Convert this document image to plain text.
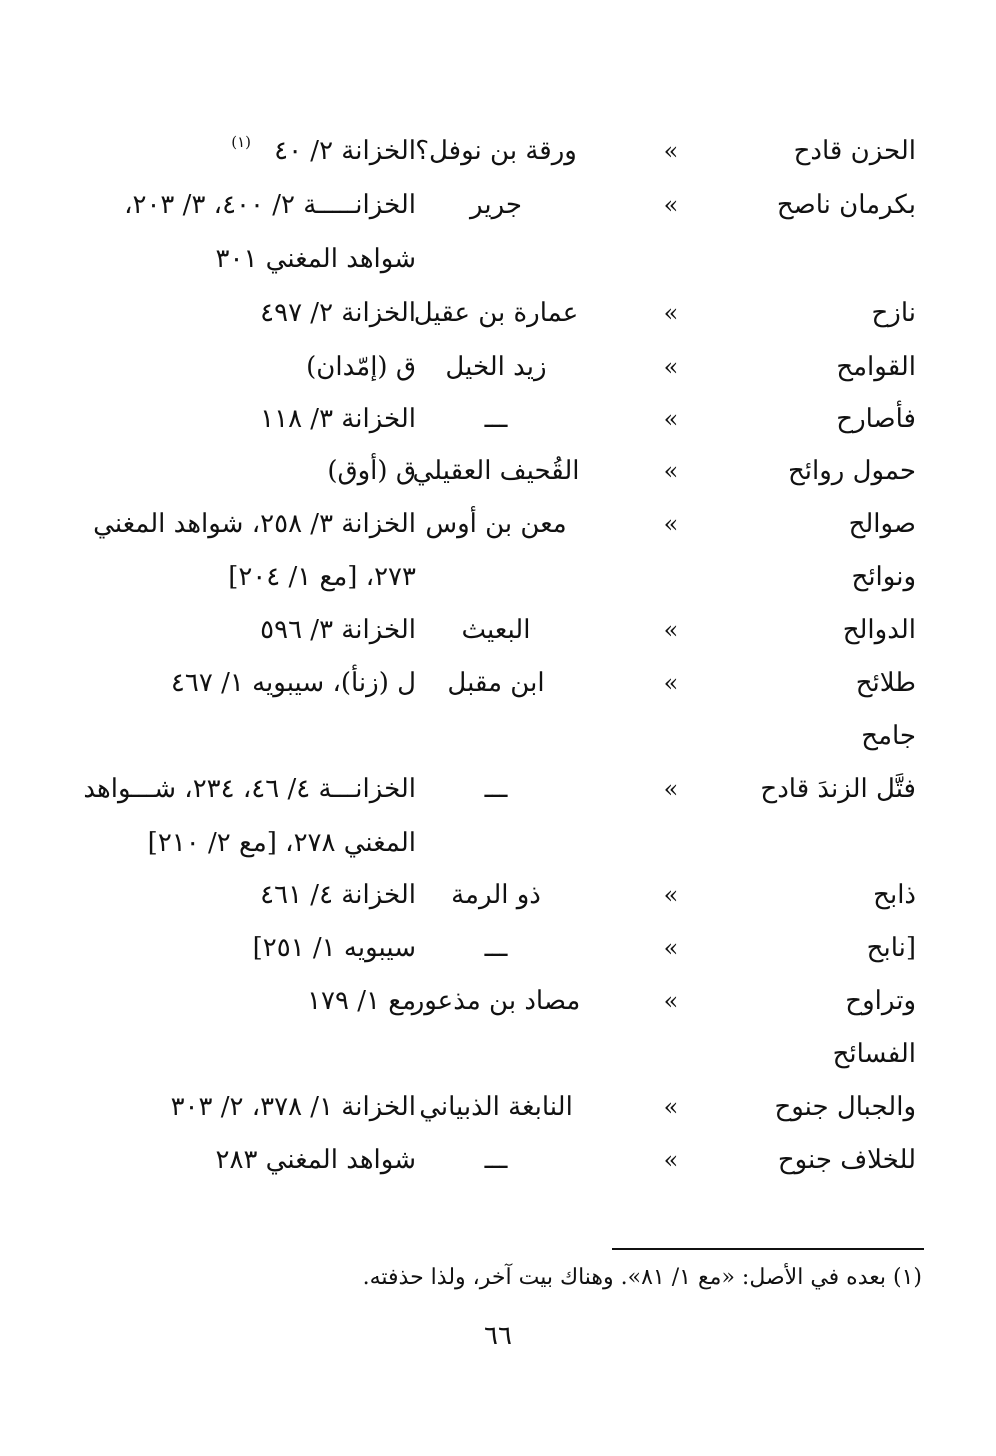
الحزن قادح
»
ورقة بن نوفل؟
الخزانة ٢/ ٤٠
(١)
بكرمان ناصح
»
جرير
الخزانـــــة ٢/ ٤٠٠، ٣/ ٢٠٣،
شواهد المغني ٣٠١
نازح
»
عمارة بن عقيل
الخزانة ٢/ ٤٩٧
القوامح
»
زيد الخيل
ق (إمّدان)
فأصارح
»
ـــ
الخزانة ٣/ ١١٨
حمول روائح
»
القُحيف العقيلي
ق (أوق)
صوالح
»
معن بن أوس
الخزانة ٣/ ٢٥٨، شواهد المغني
ونوائح
٢٧٣، [مع ١/ ٢٠٤]
الدوالح
»
البعيث
الخزانة ٣/ ٥٩٦
طلائح
»
ابن مقبل
ل (زنأ)، سيبويه ١/ ٤٦٧
جامح
فتَّل الزندَ قادح
»
ـــ
الخزانـــة ٤/ ٤٦، ٢٣٤، شـــواهد
المغني ٢٧٨، [مع ٢/ ٢١٠]
ذابح
»
ذو الرمة
الخزانة ٤/ ٤٦١
[نابح
»
ـــ
سيبويه ١/ ٢٥١]
وتراوح
»
مصاد بن مذعور
مع ١/ ١٧٩
الفسائح
والجبال جنوح
»
النابغة الذبياني
الخزانة ١/ ٣٧٨، ٢/ ٣٠٣
للخلاف جنوح
»
ـــ
شواهد المغني ٢٨٣
(١) بعده في الأصل: «مع ١/ ٨١». وهناك بيت آخر، ولذا حذفته.
٦٦
